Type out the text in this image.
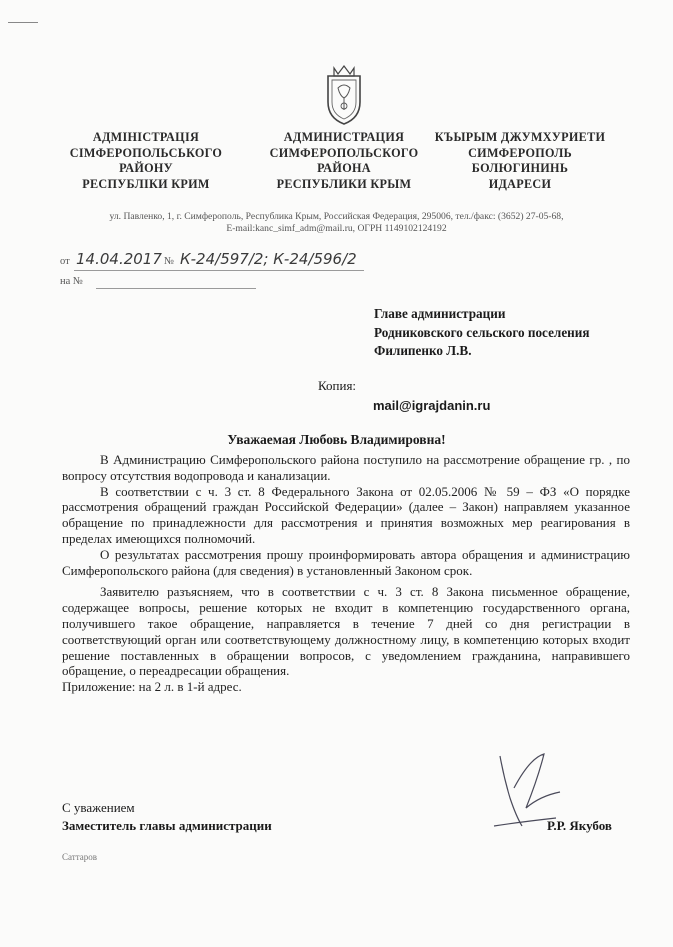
АДМІНІСТРАЦІЯ
СІМФЕРОПОЛЬСЬКОГО
РАЙОНУ
РЕСПУБЛІКИ КРИМ
АДМИНИСТРАЦИЯ
СИМФЕРОПОЛЬСКОГО
РАЙОНА
РЕСПУБЛИКИ КРЫМ
КЪЫРЫМ ДЖУМХУРИЕТИ
СИМФЕРОПОЛЬ
БОЛЮГИНИНЬ
ИДАРЕСИ
ул. Павленко, 1, г. Симферополь, Республика Крым, Российская Федерация, 295006, тел./факс: (3652) 27-05-68,
E-mail:kanc_simf_adm@mail.ru, ОГРН 1149102124192
от 14.04.2017 № К-24/597/2; К-24/596/2
на №
Главе администрации
Родниковского сельского поселения
Филипенко Л.В.
Копия:
mail@igrajdanin.ru
Уважаемая Любовь Владимировна!

В Администрацию Симферопольского района поступило на рассмотрение обращение гр. , по вопросу отсутствия водопровода и канализации.

В соответствии с ч. 3 ст. 8 Федерального Закона от 02.05.2006 № 59 – ФЗ «О порядке рассмотрения обращений граждан Российской Федерации» (далее – Закон) направляем указанное обращение по принадлежности для рассмотрения и принятия возможных мер реагирования в пределах имеющихся полномочий.

О результатах рассмотрения прошу проинформировать автора обращения и администрацию Симферопольского района (для сведения) в установленный Законом срок.

Заявителю разъясняем, что в соответствии с ч. 3 ст. 8 Закона письменное обращение, содержащее вопросы, решение которых не входит в компетенцию государственного органа, получившего такое обращение, направляется в течение 7 дней со дня регистрации в соответствующий орган или соответствующему должностному лицу, в компетенцию которых входит решение поставленных в обращении вопросов, с уведомлением гражданина, направившего обращение, о переадресации обращения.

Приложение: на 2 л. в 1-й адрес.

С уважением
Заместитель главы администрации	Р.Р. Якубов
Саттаров
